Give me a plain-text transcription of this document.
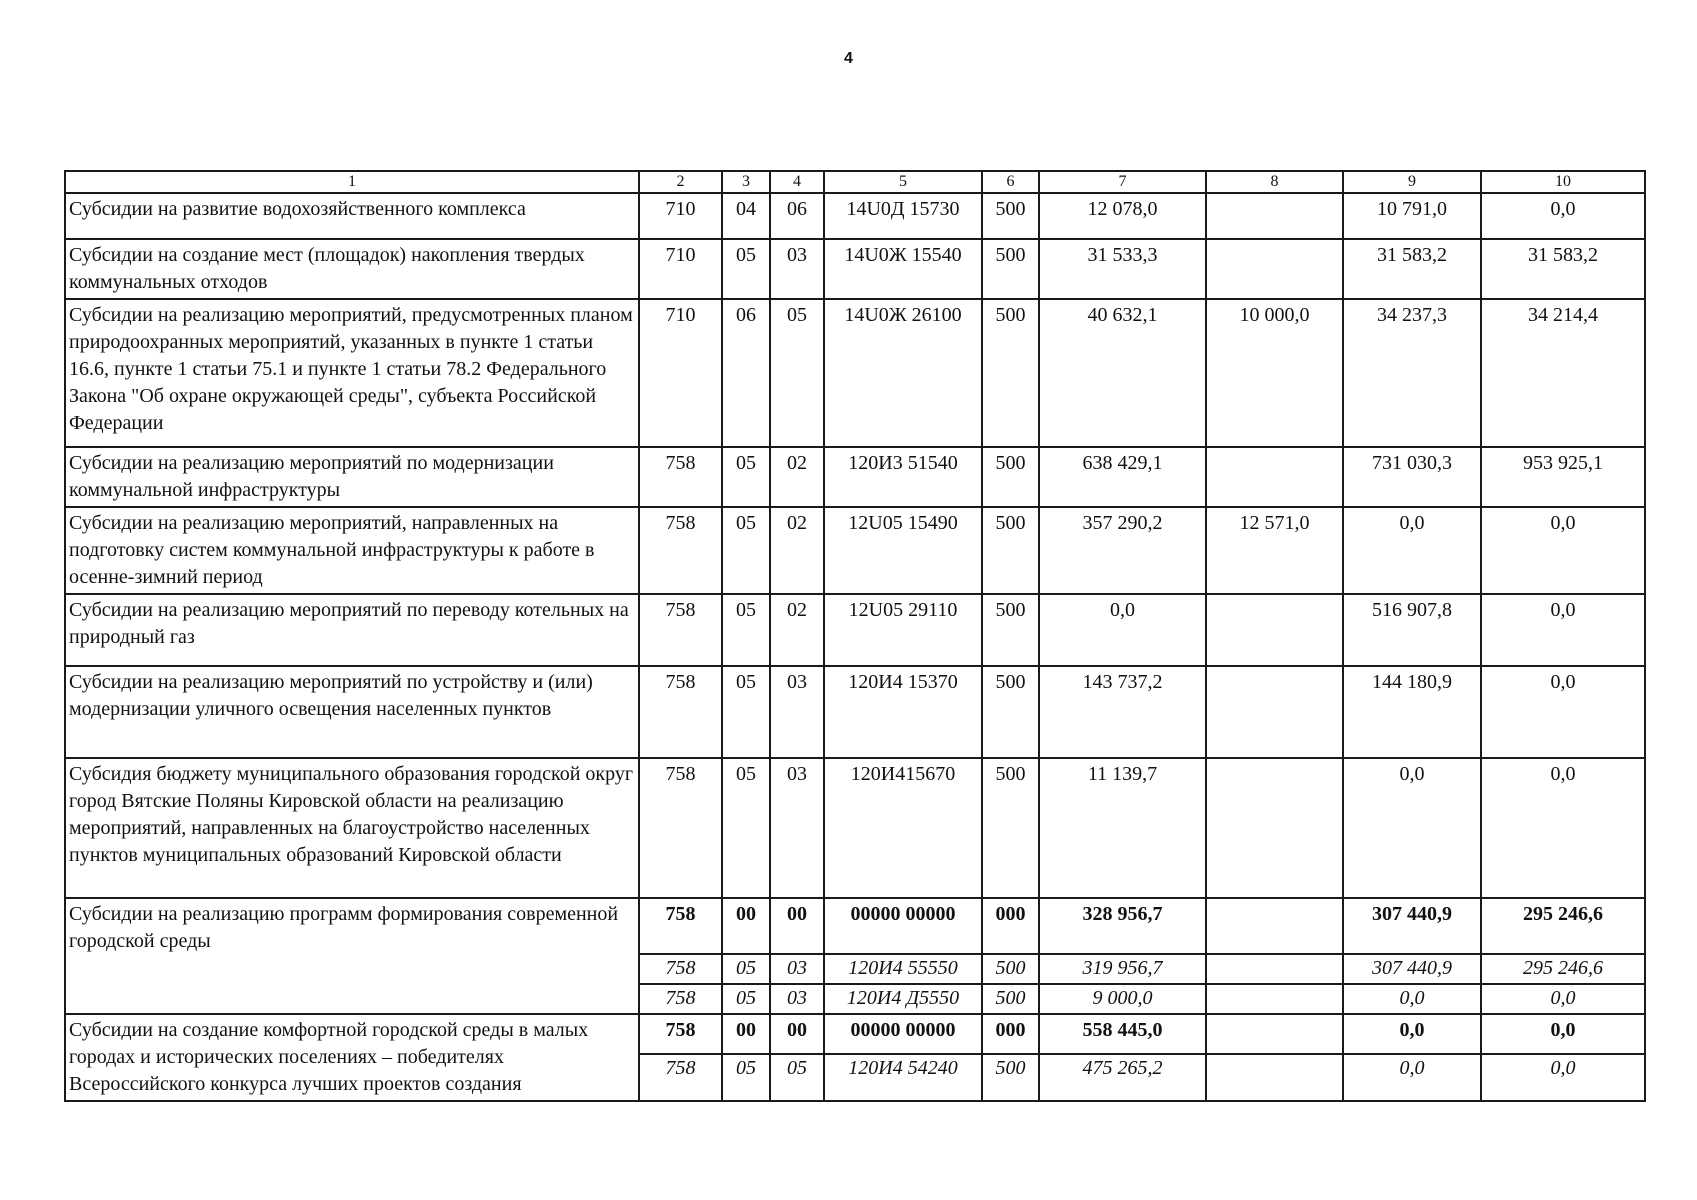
4
1	2	3	4	5	6	7	8	9	10
Субсидии на развитие водохозяйственного комплекса	710	04	06	14U0Д 15730	500	12 078,0		10 791,0	0,0
Субсидии на создание мест (площадок) накопления твердых коммунальных отходов	710	05	03	14U0Ж 15540	500	31 533,3		31 583,2	31 583,2
Субсидии на реализацию мероприятий, предусмотренных планом природоохранных мероприятий, указанных в пункте 1 статьи 16.6, пункте 1 статьи 75.1 и пункте 1 статьи 78.2 Федерального Закона "Об охране окружающей среды", субъекта Российской Федерации	710	06	05	14U0Ж 26100	500	40 632,1	10 000,0	34 237,3	34 214,4
Субсидии на реализацию мероприятий по модернизации коммунальной инфраструктуры	758	05	02	120И3 51540	500	638 429,1		731 030,3	953 925,1
Субсидии на реализацию мероприятий, направленных на подготовку систем коммунальной инфраструктуры к работе в осенне-зимний период	758	05	02	12U05 15490	500	357 290,2	12 571,0	0,0	0,0
Субсидии на реализацию мероприятий по переводу котельных на природный газ	758	05	02	12U05 29110	500	0,0		516 907,8	0,0
Субсидии на реализацию мероприятий по устройству и (или) модернизации уличного освещения населенных пунктов	758	05	03	120И4 15370	500	143 737,2		144 180,9	0,0
Субсидия бюджету муниципального образования городской округ город Вятские Поляны Кировской области на реализацию мероприятий, направленных на благоустройство населенных пунктов муниципальных образований Кировской области	758	05	03	120И415670	500	11 139,7		0,0	0,0
Субсидии на реализацию программ формирования современной городской среды	758	00	00	00000 00000	000	328 956,7		307 440,9	295 246,6
	758	05	03	120И4 55550	500	319 956,7		307 440,9	295 246,6
	758	05	03	120И4 Д5550	500	9 000,0		0,0	0,0
Субсидии на создание комфортной городской среды в малых городах и исторических поселениях – победителях Всероссийского конкурса лучших проектов создания	758	00	00	00000 00000	000	558 445,0		0,0	0,0
	758	05	05	120И4 54240	500	475 265,2		0,0	0,0
